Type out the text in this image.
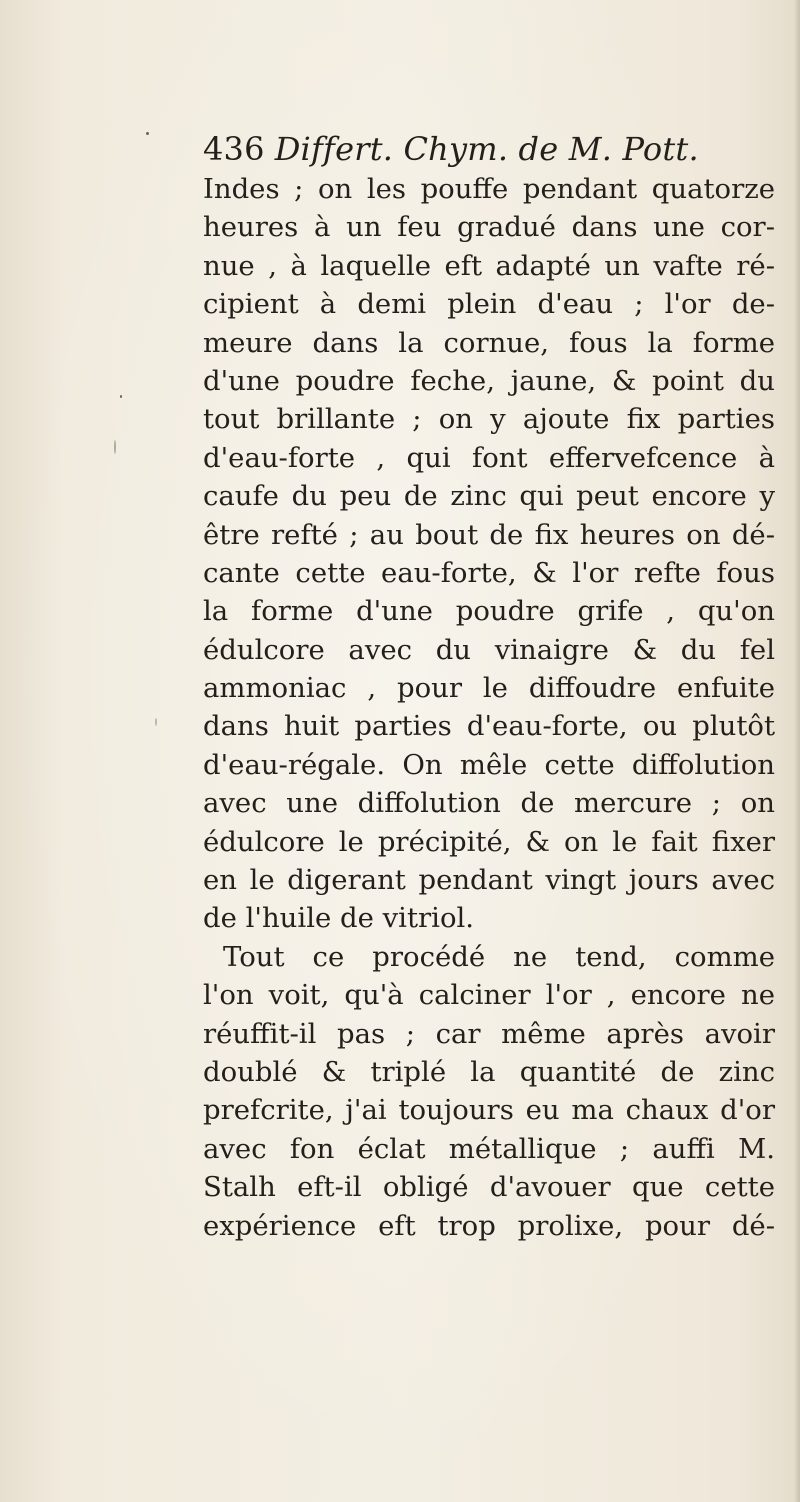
436 Differt. Chym. de M. Pott.
Indes ; on les pouffe pendant quatorze
heures à un feu gradué dans une cor-
nue , à laquelle eft adapté un vafte ré-
cipient à demi plein d'eau ; l'or de-
meure dans la cornue, fous la forme
d'une poudre feche, jaune, & point du
tout brillante ; on y ajoute fix parties
d'eau-forte , qui font effervefcence à
caufe du peu de zinc qui peut encore y
être refté ; au bout de fix heures on dé-
cante cette eau-forte, & l'or refte fous
la forme d'une poudre grife , qu'on
édulcore avec du vinaigre & du fel
ammoniac , pour le diffoudre enfuite
dans huit parties d'eau-forte, ou plutôt
d'eau-régale. On mêle cette diffolution
avec une diffolution de mercure ; on
édulcore le précipité, & on le fait fixer
en le digerant pendant vingt jours avec
de l'huile de vitriol.
Tout ce procédé ne tend, comme
l'on voit, qu'à calciner l'or , encore ne
réuffit-il pas ; car même après avoir
doublé & triplé la quantité de zinc
prefcrite, j'ai toujours eu ma chaux d'or
avec fon éclat métallique ; auffi M.
Stalh eft-il obligé d'avouer que cette
expérience eft trop prolixe, pour dé-
